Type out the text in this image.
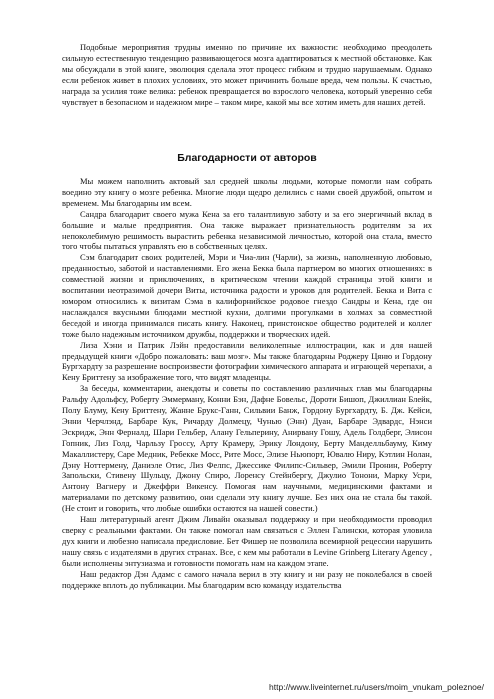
Подобные мероприятия трудны именно по причине их важности: необходимо преодолеть сильную естественную тенденцию развивающегося мозга адаптироваться к местной обстановке. Как мы обсуждали в этой книге, эволюция сделала этот процесс гибким и трудно нарушаемым. Однако если ребенок живет в плохих условиях, это может причинить больше вреда, чем пользы. К счастью, награда за усилия тоже велика: ребенок превращается во взрослого человека, который уверенно себя чувствует в безопасном и надежном мире – таком мире, какой мы все хотим иметь для наших детей.

Благодарности от авторов

Мы можем наполнить актовый зал средней школы людьми, которые помогли нам собрать воедино эту книгу о мозге ребенка. Многие люди щедро делились с нами своей дружбой, опытом и временем. Мы благодарны им всем.

Сандра благодарит своего мужа Кена за его талантливую заботу и за его энергичный вклад в большие и малые предприятия. Она также выражает признательность родителям за их непоколебимую решимость вырастить ребенка независимой личностью, которой она стала, вместо того чтобы пытаться управлять ею в собственных целях.

Сэм благодарит своих родителей, Мэри и Чиа-лин (Чарли), за жизнь, наполненную любовью, преданностью, заботой и наставлениями. Его жена Бекка была партнером во многих отношениях: в совместной жизни и приключениях, в критическом чтении каждой страницы этой книги и воспитании неотразимой дочери Виты, источника радости и уроков для родителей. Бекка и Вита с юмором относились к визитам Сэма в калифорнийское родовое гнездо Сандры и Кена, где он наслаждался вкусными блюдами местной кухни, долгими прогулками в холмах за совместной беседой и иногда принимался писать книгу. Наконец, принстонское общество родителей и коллег тоже было надежным источником дружбы, поддержки и творческих идей.

Лиза Хэни и Патрик Лэйн предоставили великолепные иллюстрации, как и для нашей предыдущей книги «Добро пожаловать: ваш мозг». Мы также благодарны Роджеру Цяню и Гордону Бургхардту за разрешение воспроизвести фотографии химического аппарата и играющей черепахи, а Кену Бриттену за изображение того, что видят младенцы.

За беседы, комментарии, анекдоты и советы по составлению различных глав мы благодарны Ральфу Адольфсу, Роберту Эммерману, Конни Бэн, Дафне Бовельс, Дороти Бишоп, Джиллиан Блейк, Полу Блуму, Кену Бриттену, Жанне Брукс-Ганн, Сильвии Банж, Гордону Бургхардту, Б. Дж. Кейси, Энни Черчлэнд, Барбаре Кук, Ричарду Долмецу, Чунью (Энн) Дуан, Барбаре Эдвардс, Нэнси Эскридж, Энн Ферналд, Шари Гельбер, Алану Гельперину, Анирвану Гошу, Адель Голдберг, Элисон Гопник, Лиз Голд, Чарльзу Гроссу, Арту Крамеру, Эрику Лондону, Берту Манделльбауму, Киму Макаллистеру, Саре Медник, Ребекке Мосс, Рите Мосс, Элизе Ньюпорт, Ювалю Ниру, Кэтлин Нолан, Дэну Ноттермену, Даниэле Отис, Лиз Фелпс, Джессике Филипс-Сильвер, Эмили Пронин, Роберту Запольски, Стивену Шульцу, Джону Спиро, Лоренсу Стейнбергу, Джулио Тонони, Марку Усри, Антону Вагнеру и Джеффри Викенсу. Помогая нам научными, медицинскими фактами и материалами по детскому развитию, они сделали эту книгу лучше. Без них она не стала бы такой. (Не стоит и говорить, что любые ошибки остаются на нашей совести.)

Наш литературный агент Джим Ливайн оказывал поддержку и при необходимости проводил сверку с реальными фактами. Он также помогал нам связаться с Эллен Галински, которая уловила дух книги и любезно написала предисловие. Бет Фишер не позволила всемирной рецессии нарушить нашу связь с издателями в других странах. Все, с кем мы работали в Levine Grinberg Literary Agency , были исполнены энтузиазма и готовности помогать нам на каждом этапе.

Наш редактор Дэн Адамс с самого начала верил в эту книгу и ни разу не поколебался в своей поддержке вплоть до публикации. Мы благодарим всю команду издательства

http://www.liveinternet.ru/users/moim_vnukam_poleznoe/
